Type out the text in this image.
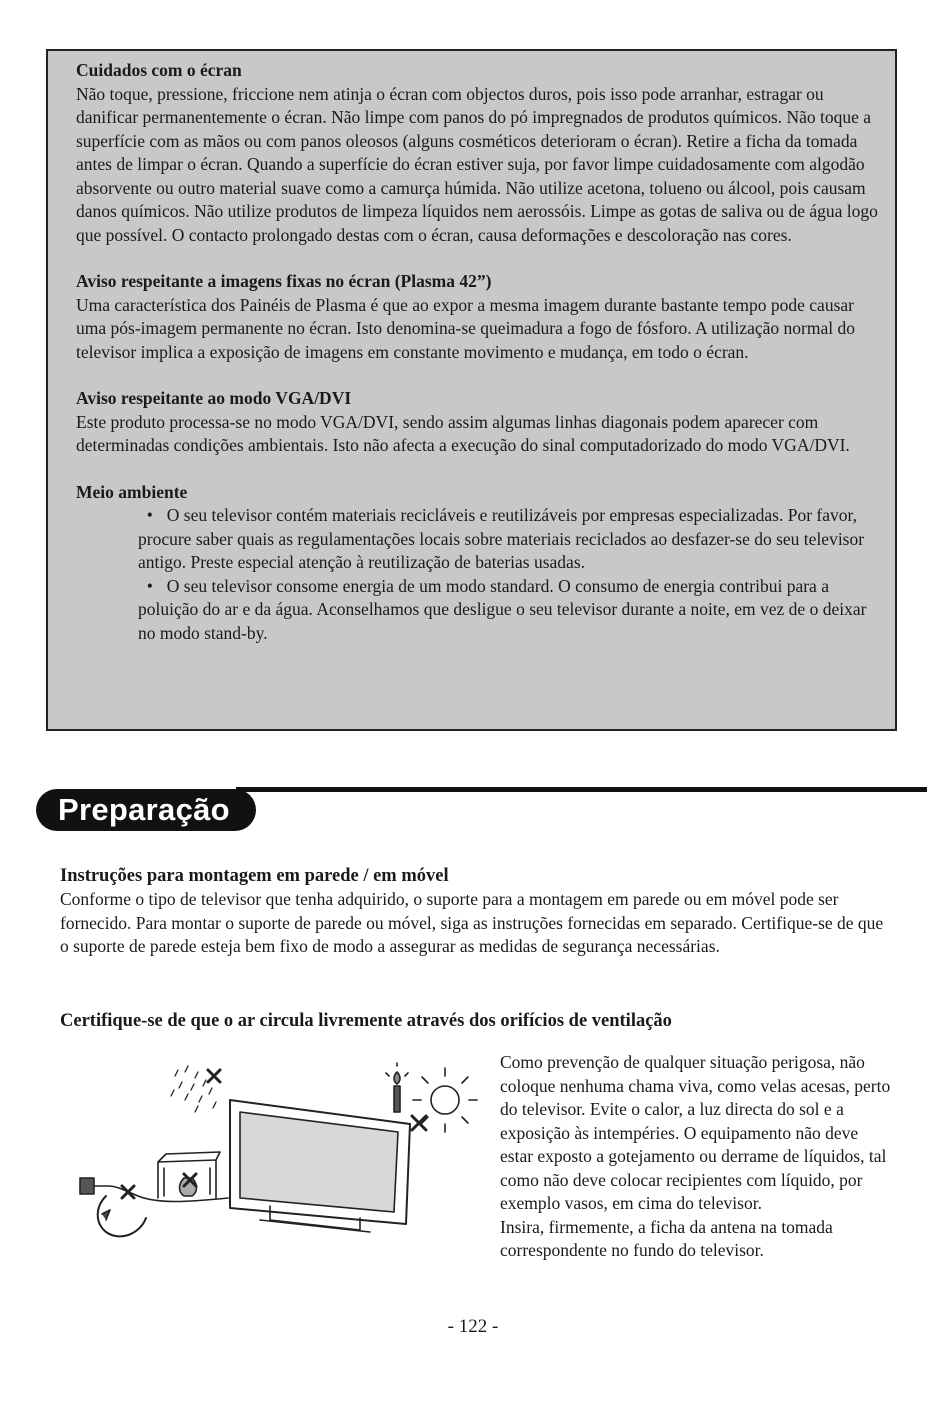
Cuidados com o écran

Não toque, pressione, friccione nem atinja o écran com objectos duros, pois isso pode arranhar, estragar ou danificar permanentemente o écran. Não limpe com panos do pó impregnados de produtos químicos. Não toque a superfície com as mãos ou com panos oleosos (alguns cosméticos deterioram o écran). Retire a ficha da tomada antes de limpar o écran. Quando a superfície do écran estiver suja, por favor limpe cuidadosamente com algodão absorvente ou outro material suave como a camurça húmida. Não utilize acetona, tolueno ou álcool, pois causam danos químicos. Não utilize produtos de limpeza líquidos nem aerossóis. Limpe as gotas de saliva ou de água logo que possível. O contacto prolongado destas com o écran, causa deformações e descoloração nas cores.

Aviso respeitante a imagens fixas no écran (Plasma 42”)

Uma característica dos Painéis de Plasma é que ao expor a mesma imagem durante bastante tempo pode causar uma pós-imagem permanente no écran. Isto denomina-se queimadura a fogo de fósforo. A utilização normal do televisor implica a exposição de imagens em constante movimento e mudança, em todo o écran.

Aviso respeitante ao modo VGA/DVI

Este produto processa-se no modo VGA/DVI, sendo assim algumas linhas diagonais podem aparecer com determinadas condições ambientais. Isto não afecta a execução do sinal computadorizado do modo VGA/DVI.

Meio ambiente
• O seu televisor contém materiais recicláveis e reutilizáveis por empresas especializadas. Por favor, procure saber quais as regulamentações locais sobre materiais reciclados ao desfazer-se do seu televisor antigo. Preste especial atenção à reutilização de baterias usadas.
• O seu televisor consome energia de um modo standard. O consumo de energia contribui para a poluição do ar e da água. Aconselhamos que desligue o seu televisor durante a noite, em vez de o deixar no modo stand-by.
Preparação
Instruções para montagem em parede / em móvel

Conforme o tipo de televisor que tenha adquirido, o suporte para a montagem em parede ou em móvel pode ser fornecido. Para montar o suporte de parede ou móvel, siga as instruções fornecidas em separado. Certifique-se de que o suporte de parede esteja bem fixo de modo a assegurar as medidas de segurança necessárias.

Certifique-se de que o ar circula livremente através dos orifícios de ventilação

Como prevenção de qualquer situação perigosa, não coloque nenhuma chama viva, como velas acesas, perto do televisor. Evite o calor, a luz directa do sol e a exposição às intempéries. O equipamento não deve estar exposto a gotejamento ou derrame de líquidos, tal como não deve colocar recipientes com líquido, por exemplo vasos, em cima do televisor.

Insira, firmemente, a ficha da antena na tomada correspondente no fundo do televisor.

- 122 -
